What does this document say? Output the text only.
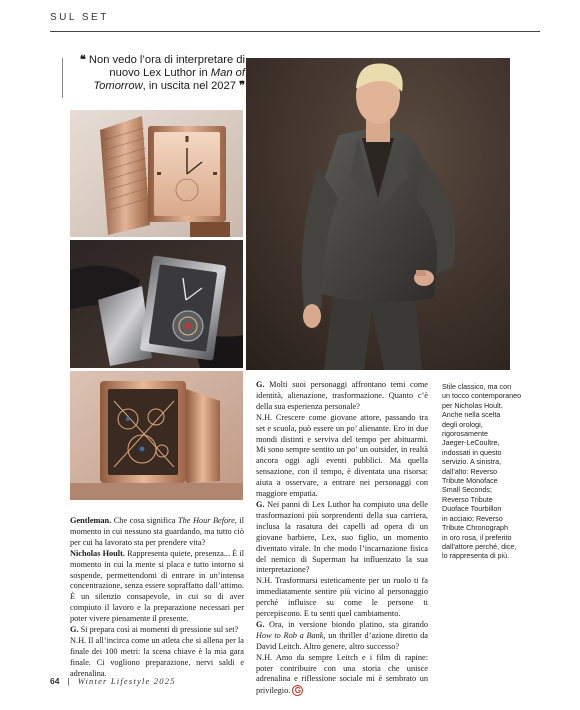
SUL SET
❝ Non vedo l’ora di interpretare di nuovo Lex Luthor in Man of Tomorrow, in uscita nel 2027 ❞

Gentleman. Che cosa significa The Hour Before, il momento in cui nessuno sta guardando, ma tutto ciò per cui ha lavorato sta per prendere vita?

Nicholas Hoult. Rappresenta quiete, presenza... È il momento in cui la mente si placa e tutto intorno si sospende, permettendomi di entrare in un’intensa concentrazione, senza essere sopraffatto dall’attimo. È un silenzio consapevole, in cui so di aver compiuto il lavoro e la preparazione necessari per poter vivere pienamente il presente.

G. Si prepara così ai momenti di pressione sul set?

N.H. Il all’incirca come un atleta che si allena per la finale dei 100 metri: la scena chiave è la mia gara finale. Ci vogliono preparazione, nervi saldi e adrenalina.

G. Molti suoi personaggi affrontano temi come identità, alienazione, trasformazione. Quanto c’è della sua esperienza personale?

N.H. Crescere come giovane attore, passando tra set e scuola, può essere un po’ alienante. Ero in due mondi distinti e serviva del tempo per abituarmi. Mi sono sempre sentito un po’ un outsider, in realtà ancora oggi agli eventi pubblici. Ma quella sensazione, con il tempo, è diventata una risorsa: aiuta a osservare, a entrare nei personaggi con maggiore empatia.

G. Nei panni di Lex Luthor ha compiuto una delle trasformazioni più sorprendenti della sua carriera, inclusa la rasatura dei capelli ad opera di un giovane barbiere, Lex, suo figlio, un momento diventato virale. In che modo l’incarnazione fisica del nemico di Superman ha influenzato la sua interpretazione?

N.H. Trasformarsi esteticamente per un ruolo ti fa immediatamente sentire più vicino al personaggio perché influisce su come le persone ti percepiscono. E tu senti quel cambiamento.

G. Ora, in versione biondo platino, sta girando How to Rob a Bank, un thriller d’azione diretto da David Leitch. Altro genere, altro successo?

N.H. Amo da sempre Leitch e i film di rapine: poter contribuire con una storia che unisce adrenalina e riflessione sociale mi è sembrato un privilegio. G

Stile classico, ma con

un tocco contemporaneo

per Nicholas Hoult.

Anche nella scelta

degli orologi,

rigorosamente

Jaeger-LeCoultre,

indossati in questo

servizio. A sinistra,

dall’alto: Reverso

Tribute Monoface

Small Seconds;

Reverso Tribute

Duoface Tourbillon

in acciaio; Reverso

Tribute Chronograph

in oro rosa, il preferito

dall’attore perché, dice,

lo rappresenta di più.

64 | Winter Lifestyle 2025
